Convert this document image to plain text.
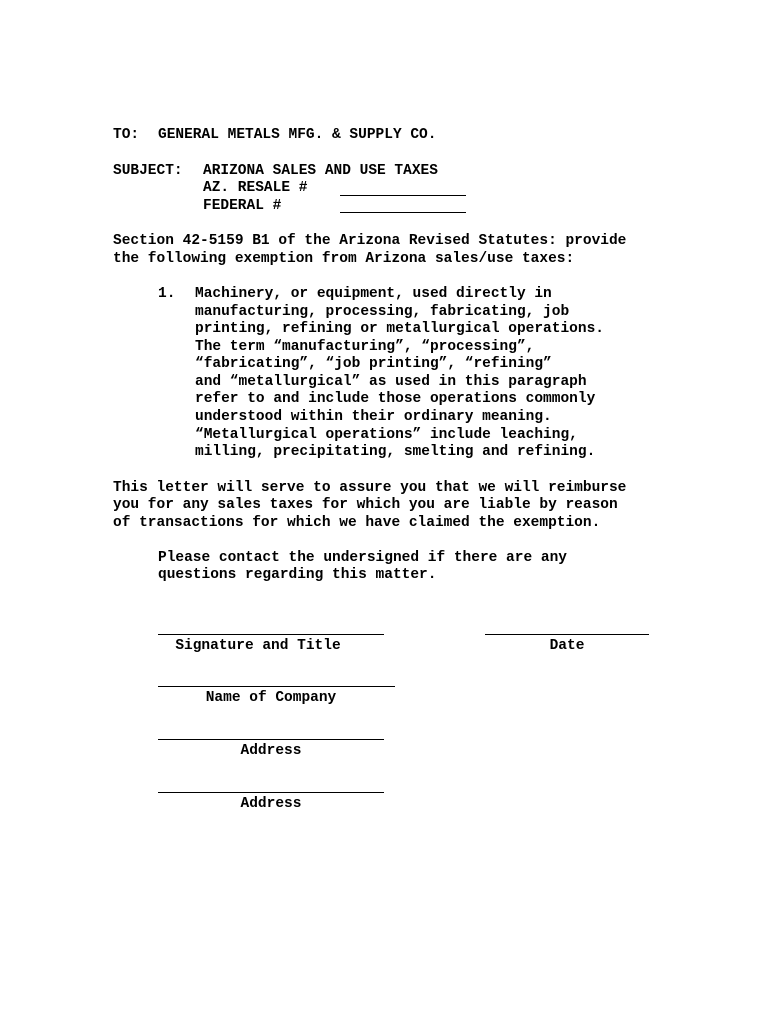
TO: GENERAL METALS MFG. & SUPPLY CO.
SUBJECT: ARIZONA SALES AND USE TAXES
AZ. RESALE #
FEDERAL #
Section 42-5159 B1 of the Arizona Revised Statutes: provide
the following exemption from Arizona sales/use taxes:
1. Machinery, or equipment, used directly in
manufacturing, processing, fabricating, job
printing, refining or metallurgical operations.
The term “manufacturing”, “processing”,
“fabricating”, “job printing”, “refining”
and “metallurgical” as used in this paragraph
refer to and include those operations commonly
understood within their ordinary meaning.
“Metallurgical operations” include leaching,
milling, precipitating, smelting and refining.
This letter will serve to assure you that we will reimburse
you for any sales taxes for which you are liable by reason
of transactions for which we have claimed the exemption.
Please contact the undersigned if there are any
questions regarding this matter.
Signature and Title	Date
Name of Company
Address
Address
